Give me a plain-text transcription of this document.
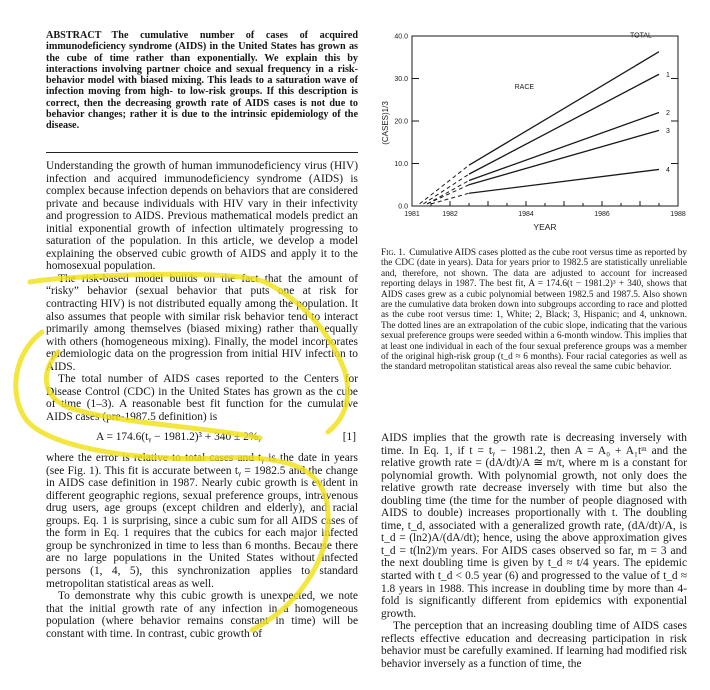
ABSTRACT The cumulative number of cases of acquired immunodeficiency syndrome (AIDS) in the United States has grown as the cube of time rather than exponentially. We explain this by interactions involving partner choice and sexual frequency in a risk-behavior model with biased mixing. This leads to a saturation wave of infection moving from high- to low-risk groups. If this description is correct, then the decreasing growth rate of AIDS cases is not due to behavior changes; rather it is due to the intrinsic epidemiology of the disease.

Understanding the growth of human immunodeficiency virus (HIV) infection and acquired immunodeficiency syndrome (AIDS) is complex because infection depends on behaviors that are considered private and because individuals with HIV vary in their infectivity and progression to AIDS. Previous mathematical models predict an initial exponential growth of infection ultimately progressing to saturation of the population. In this article, we develop a model explaining the observed cubic growth of AIDS and apply it to the homosexual population.

The risk-based model builds on the fact that the amount of “risky” behavior (sexual behavior that puts one at risk for contracting HIV) is not distributed equally among the population. It also assumes that people with similar risk behavior tend to interact primarily among themselves (biased mixing) rather than equally with others (homogeneous mixing). Finally, the model incorporates epidemiologic data on the progression from initial HIV infection to AIDS.

The total number of AIDS cases reported to the Centers for Disease Control (CDC) in the United States has grown as the cube of time (1–3). A reasonable best fit function for the cumulative AIDS cases (pre-1987.5 definition) is

A = 174.6(tᵧ − 1981.2)³ + 340 ± 2%,	[1]

where the error is relative to total cases and tᵧ is the date in years (see Fig. 1). This fit is accurate between tᵧ = 1982.5 and the change in AIDS case definition in 1987. Nearly cubic growth is evident in different geographic regions, sexual preference groups, intravenous drug users, age groups (except children and elderly), and racial groups. Eq. 1 is surprising, since a cubic sum for all AIDS cases of the form in Eq. 1 requires that the cubics for each major infected group be synchronized in time to less than 6 months. Because there are no large populations in the United States without infected persons (1, 4, 5), this synchronization applies to standard metropolitan statistical areas as well.

To demonstrate why this cubic growth is unexpected, we note that the initial growth rate of any infection in a homogeneous population (where behavior remains constant in time) will be constant with time. In contrast, cubic growth of

0.0
10.0
20.0
30.0
40.0
1981	1982	1984	1986	1988
YEAR
(CASES)1/3
TOTAL
1
2
3
4
RACE
Fig. 1. Cumulative AIDS cases plotted as the cube root versus time as reported by the CDC (date in years). Data for years prior to 1982.5 are statistically unreliable and, therefore, not shown. The data are adjusted to account for increased reporting delays in 1987. The best fit, A = 174.6(t − 1981.2)³ + 340, shows that AIDS cases grew as a cubic polynomial between 1982.5 and 1987.5. Also shown are the cumulative data broken down into subgroups according to race and plotted as the cube root versus time: 1, White; 2, Black; 3, Hispanic; and 4, unknown. The dotted lines are an extrapolation of the cubic slope, indicating that the various sexual preference groups were seeded within a 6-month window. This implies that at least one individual in each of the four sexual preference groups was a member of the original high-risk group (t_d ≈ 6 months). Four racial categories as well as the standard metropolitan statistical areas also reveal the same cubic behavior.

AIDS implies that the growth rate is decreasing inversely with time. In Eq. 1, if t = tᵧ − 1981.2, then A = A₀ + A₁tᵐ and the relative growth rate = (dA/dt)/A ≅ m/t, where m is a constant for polynomial growth. With polynomial growth, not only does the relative growth rate decrease inversely with time but also the doubling time (the time for the number of people diagnosed with AIDS to double) increases proportionally with t. The doubling time, t_d, associated with a generalized growth rate, (dA/dt)/A, is t_d = (ln2)A/(dA/dt); hence, using the above approximation gives t_d = t(ln2)/m years. For AIDS cases observed so far, m = 3 and the next doubling time is given by t_d ≈ t/4 years. The epidemic started with t_d < 0.5 year (6) and progressed to the value of t_d ≈ 1.8 years in 1988. This increase in doubling time by more than 4-fold is significantly different from epidemics with exponential growth.

The perception that an increasing doubling time of AIDS cases reflects effective education and decreasing participation in risk behavior must be carefully examined. If learning had modified risk behavior inversely as a function of time, the
